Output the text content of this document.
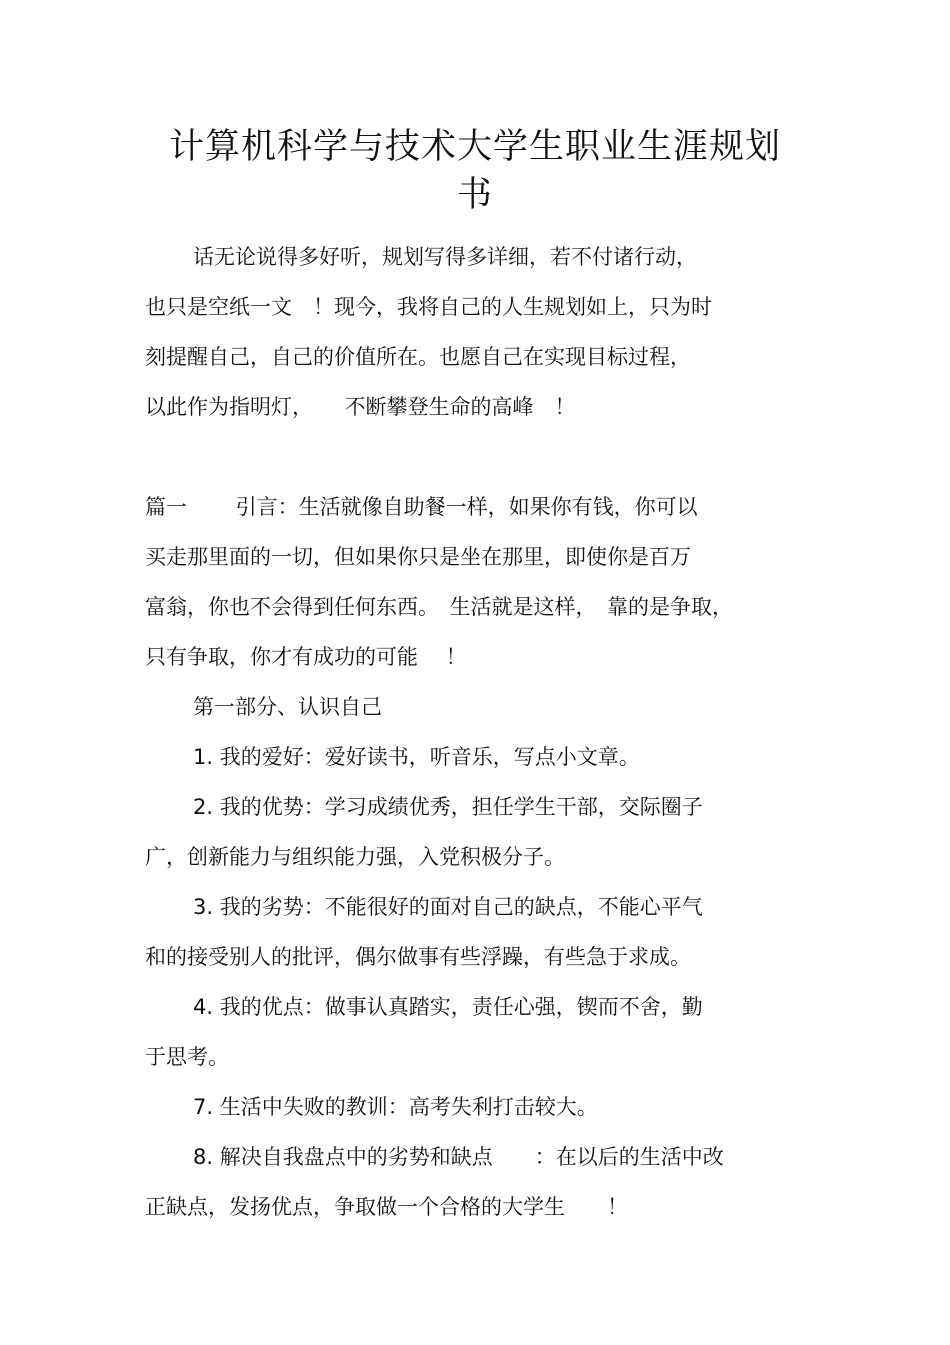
计算机科学与技术大学生职业生涯规划
书

话无论说得多好听，规划写得多详细，若不付诸行动，

也只是空纸一文　！现今，我将自己的人生规划如上，只为时

刻提醒自己，自己的价值所在。也愿自己在实现目标过程，

以此作为指明灯，　　不断攀登生命的高峰　！

篇一　　 引言：生活就像自助餐一样，如果你有钱，你可以

买走那里面的一切，但如果你只是坐在那里，即使你是百万

富翁，你也不会得到任何东西。　生活就是这样，　靠的是争取，

只有争取，你才有成功的可能　 ！

第一部分、认识自己

1. 我的爱好：爱好读书，听音乐，写点小文章。

2. 我的优势：学习成绩优秀，担任学生干部，交际圈子

广，创新能力与组织能力强，入党积极分子。

3. 我的劣势：不能很好的面对自己的缺点，不能心平气

和的接受别人的批评，偶尔做事有些浮躁，有些急于求成。

4. 我的优点：做事认真踏实，责任心强，锲而不舍，勤

于思考。

7. 生活中失败的教训：高考失利打击较大。

8. 解决自我盘点中的劣势和缺点　　：在以后的生活中改

正缺点，发扬优点，争取做一个合格的大学生　　！
